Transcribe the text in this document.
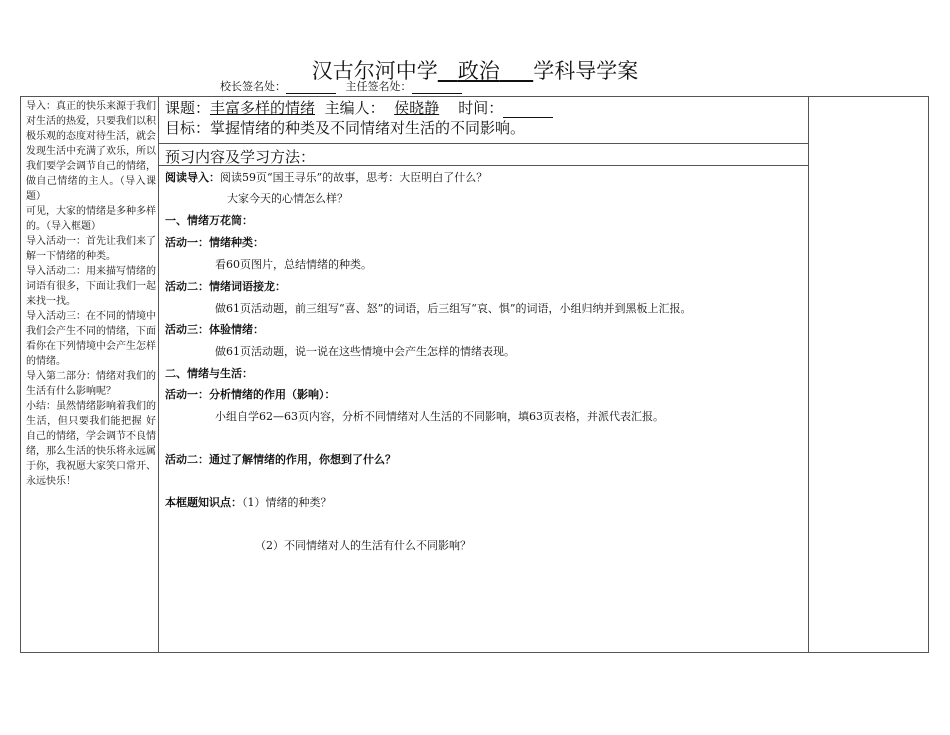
汉古尔河中学 政治 学科导学案
校长签名处：	主任签名处：

导入：真正的快乐来源于我们对生活的热爱，只要我们以积极乐观的态度对待生活，就会发现生活中充满了欢乐，所以我们要学会调节自己的情绪，做自己情绪的主人。（导入课题）

可见，大家的情绪是多种多样的。（导入框题）

导入活动一：首先让我们来了解一下情绪的种类。

导入活动二：用来描写情绪的词语有很多，下面让我们一起来找一找。

导入活动三：在不同的情境中我们会产生不同的情绪，下面看你在下列情境中会产生怎样的情绪。

导入第二部分：情绪对我们的生活有什么影响呢？

小结：虽然情绪影响着我们的生活，但只要我们能把握 好自己的情绪，学会调节不良情绪，那么生活的快乐将永远属于你，我祝愿大家笑口常开、永远快乐！

课题：丰富多样的情绪 主编人： 侯晓静 时间：
目标：掌握情绪的种类及不同情绪对生活的不同影响。
预习内容及学习方法：
阅读导入：阅读59页“国王寻乐”的故事，思考：大臣明白了什么？
大家今天的心情怎么样？
一、情绪万花筒：
活动一：情绪种类：
看60页图片，总结情绪的种类。
活动二：情绪词语接龙：
做61页活动题，前三组写“喜、怒”的词语，后三组写“哀、惧”的词语，小组归纳并到黑板上汇报。
活动三：体验情绪：
做61页活动题，说一说在这些情境中会产生怎样的情绪表现。
二、情绪与生活：
活动一：分析情绪的作用（影响）：
小组自学62—63页内容，分析不同情绪对人生活的不同影响，填63页表格，并派代表汇报。
活动二：通过了解情绪的作用，你想到了什么？
本框题知识点：（1）情绪的种类？
（2）不同情绪对人的生活有什么不同影响？
